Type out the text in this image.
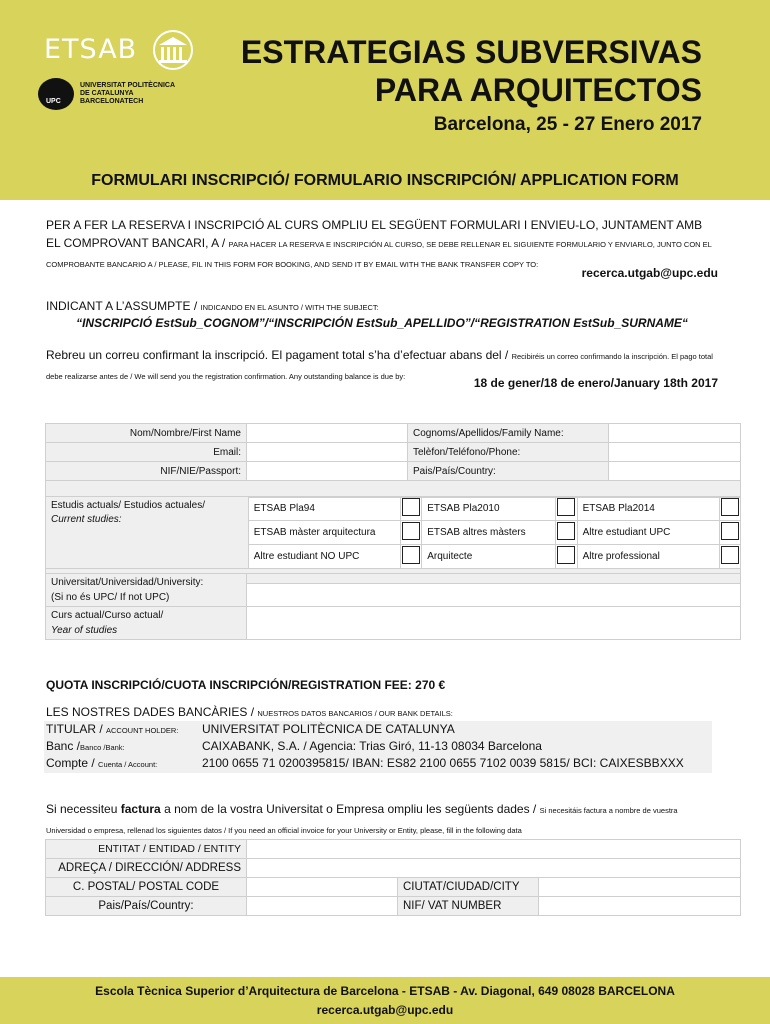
ETSAB
UPC
UNIVERSITAT POLITÈCNICA
DE CATALUNYA
BARCELONATECH
ESTRATEGIAS SUBVERSIVAS
PARA ARQUITECTOS
Barcelona, 25 - 27 Enero 2017
FORMULARI INSCRIPCIÓ/ FORMULARIO INSCRIPCIÓN/ APPLICATION FORM
PER A FER LA RESERVA I INSCRIPCIÓ AL CURS OMPLIU EL SEGÜENT FORMULARI I ENVIEU-LO, JUNTAMENT AMB EL COMPROVANT BANCARI, A / PARA HACER LA RESERVA E INSCRIPCIÓN AL CURSO, SE DEBE RELLENAR EL SIGUIENTE FORMULARIO Y ENVIARLO, JUNTO CON EL COMPROBANTE BANCARIO A / PLEASE, FIL IN THIS FORM FOR BOOKING, AND SEND IT BY EMAIL WITH THE BANK TRANSFER COPY TO:
recerca.utgab@upc.edu
INDICANT A L’ASSUMPTE / INDICANDO EN EL ASUNTO / WITH THE SUBJECT:
“INSCRIPCIÓ EstSub_COGNOM”/“INSCRIPCIÓN EstSub_APELLIDO”/“REGISTRATION EstSub_SURNAME“
Rebreu un correu confirmant la inscripció. El pagament total s’ha d’efectuar abans del / Recibiréis un correo confirmando la inscripción. El pago total debe realizarse antes de / We will send you the registration confirmation. Any outstanding balance is due by:	18 de gener/18 de enero/January 18th 2017
Nom/Nombre/First Name		Cognoms/Apellidos/Family Name:	
Email:		Telèfon/Teléfono/Phone:	
NIF/NIE/Passport:		Pais/País/Country:	

Estudis actuals/ Estudios actuales/
Current studies:	ETSAB Pla94		ETSAB Pla2010		ETSAB Pla2014	
	ETSAB màster arquitectura		ETSAB altres màsters		Altre estudiant UPC	
	Altre estudiant NO UPC		Arquitecte		Altre professional	

Universitat/Universidad/University:
(Si no és UPC/ If not UPC)	

Curs actual/Curso actual/
Year of studies	

QUOTA INSCRIPCIÓ/CUOTA INSCRIPCIÓN/REGISTRATION FEE: 270 €
LES NOSTRES DADES BANCÀRIES / NUESTROS DATOS BANCARIOS / OUR BANK DETAILS:
TITULAR / ACCOUNT HOLDER: UNIVERSITAT POLITÈCNICA DE CATALUNYA
Banc /Banco /Bank:	CAIXABANK, S.A. / Agencia: Trias Giró, 11-13 08034 Barcelona
Compte / Cuenta / Account:	2100 0655 71 0200395815/ IBAN: ES82 2100 0655 7102 0039 5815/ BCI: CAIXESBBXXX
Si necessiteu factura a nom de la vostra Universitat o Empresa ompliu les següents dades / Si necesitáis factura a nombre de vuestra Universidad o empresa, rellenad los siguientes datos / If you need an official invoice for your University or Entity, please, fill in the following data
ENTITAT / ENTIDAD / ENTITY			
ADREÇA / DIRECCIÓN/ ADDRESS			
C. POSTAL/ POSTAL CODE		CIUTAT/CIUDAD/CITY	
Pais/País/Country:		NIF/ VAT NUMBER	
Escola Tècnica Superior d’Arquitectura de Barcelona - ETSAB - Av. Diagonal, 649 08028 BARCELONA
recerca.utgab@upc.edu
